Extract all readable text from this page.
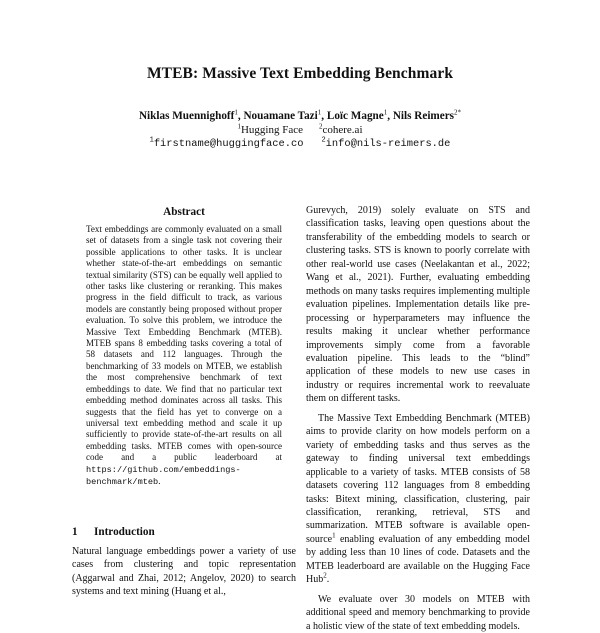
MTEB: Massive Text Embedding Benchmark
Niklas Muennighoff$^1$, Nouamane Tazi$^1$, Loïc Magne$^1$, Nils Reimers$^{2*}$
$^1$Hugging Face $^2$cohere.ai
$^1$firstname@huggingface.co	$^2$info@nils-reimers.de
Abstract
Text embeddings are commonly evaluated on a small set of datasets from a single task not covering their possible applications to other tasks. It is unclear whether state-of-the-art embeddings on semantic textual similarity (STS) can be equally well applied to other tasks like clustering or reranking. This makes progress in the field difficult to track, as various models are constantly being proposed without proper evaluation. To solve this problem, we introduce the Massive Text Embedding Benchmark (MTEB). MTEB spans 8 embedding tasks covering a total of 58 datasets and 112 languages. Through the benchmarking of 33 models on MTEB, we establish the most comprehensive benchmark of text embeddings to date. We find that no particular text embedding method dominates across all tasks. This suggests that the field has yet to converge on a universal text embedding method and scale it up sufficiently to provide state-of-the-art results on all embedding tasks. MTEB comes with open-source code and a public leaderboard at https://github.com/embeddings-benchmark/mteb.
1 Introduction
Natural language embeddings power a variety of use cases from clustering and topic representation (Aggarwal and Zhai, 2012; Angelov, 2020) to search systems and text mining (Huang et al.,

Gurevych, 2019) solely evaluate on STS and classification tasks, leaving open questions about the transferability of the embedding models to search or clustering tasks. STS is known to poorly correlate with other real-world use cases (Neelakantan et al., 2022; Wang et al., 2021). Further, evaluating embedding methods on many tasks requires implementing multiple evaluation pipelines. Implementation details like pre-processing or hyperparameters may influence the results making it unclear whether performance improvements simply come from a favorable evaluation pipeline. This leads to the “blind” application of these models to new use cases in industry or requires incremental work to reevaluate them on different tasks.

The Massive Text Embedding Benchmark (MTEB) aims to provide clarity on how models perform on a variety of embedding tasks and thus serves as the gateway to finding universal text embeddings applicable to a variety of tasks. MTEB consists of 58 datasets covering 112 languages from 8 embedding tasks: Bitext mining, classification, clustering, pair classification, reranking, retrieval, STS and summarization. MTEB software is available open-source$^1$ enabling evaluation of any embedding model by adding less than 10 lines of code. Datasets and the MTEB leaderboard are available on the Hugging Face Hub$^2$.

We evaluate over 30 models on MTEB with additional speed and memory benchmarking to provide a holistic view of the state of text embedding models.
